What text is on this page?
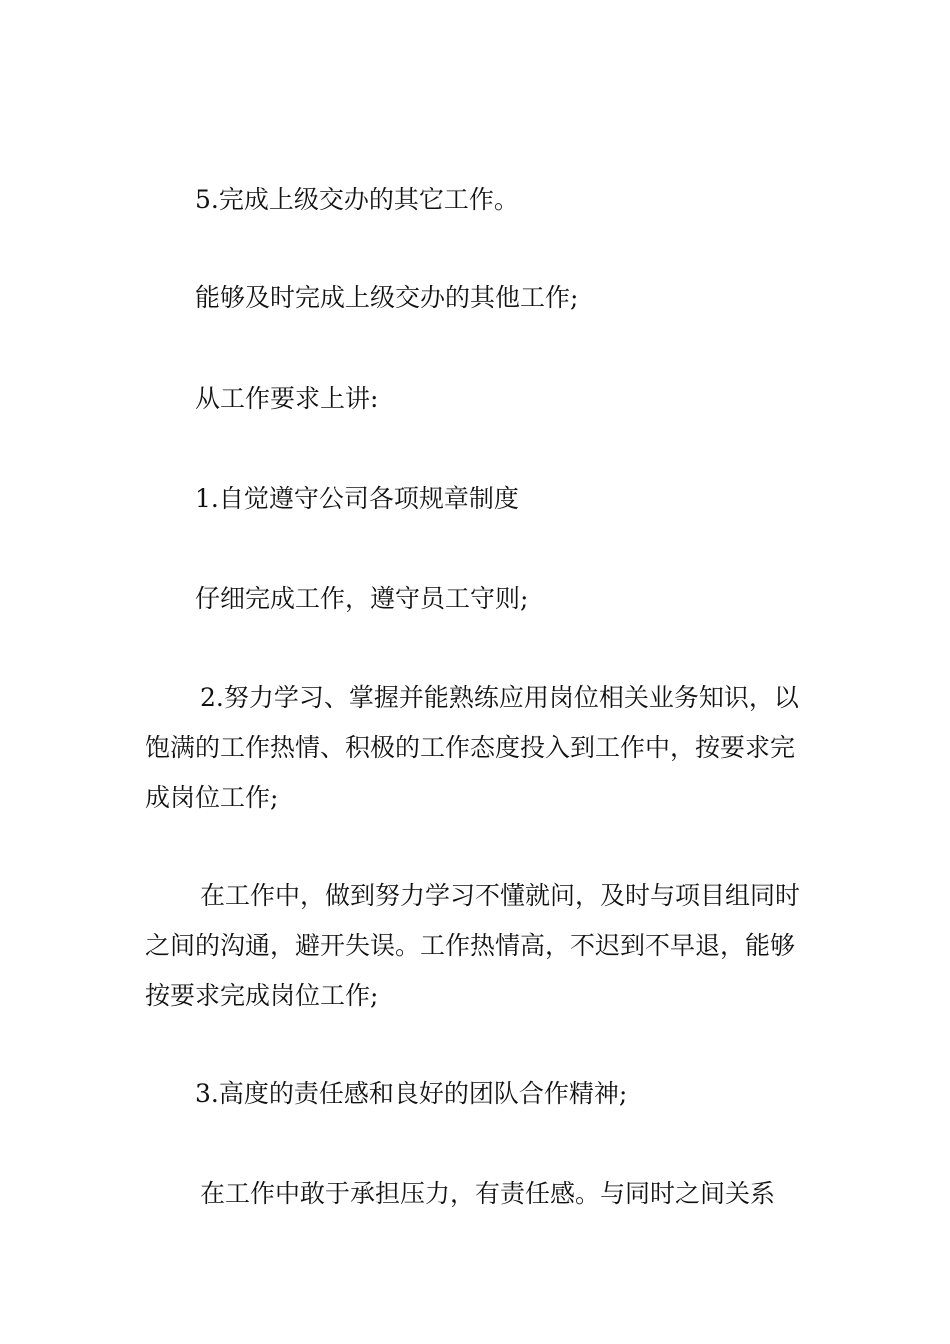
5.完成上级交办的其它工作。

能够及时完成上级交办的其他工作;

从工作要求上讲:

1.自觉遵守公司各项规章制度

仔细完成工作，遵守员工守则;

2.努力学习、掌握并能熟练应用岗位相关业务知识，以饱满的工作热情、积极的工作态度投入到工作中，按要求完成岗位工作;

在工作中，做到努力学习不懂就问，及时与项目组同时之间的沟通，避开失误。工作热情高，不迟到不早退，能够按要求完成岗位工作;

3.高度的责任感和良好的团队合作精神;

在工作中敢于承担压力，有责任感。与同时之间关系
